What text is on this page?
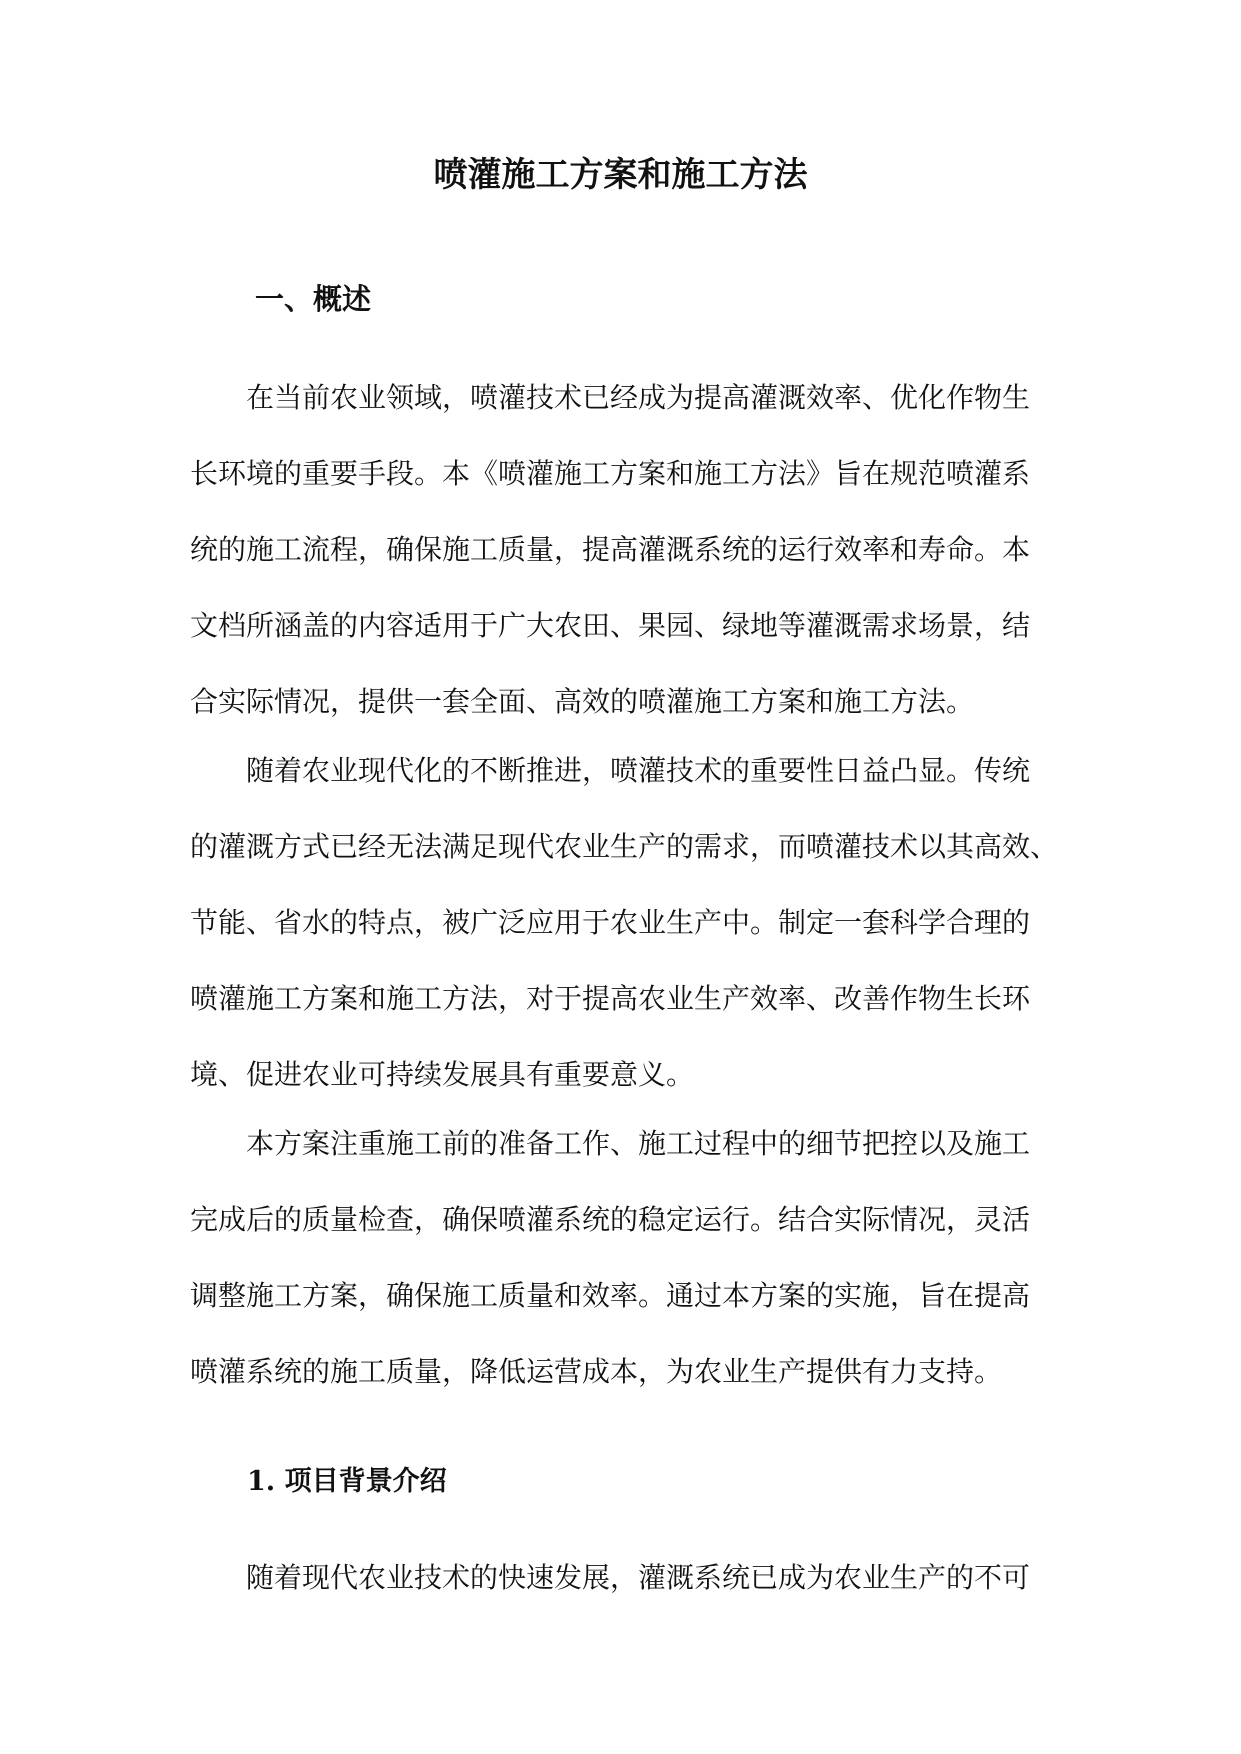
喷灌施工方案和施工方法
一、概述
在当前农业领域，喷灌技术已经成为提高灌溉效率、优化作物生
长环境的重要手段。本《喷灌施工方案和施工方法》旨在规范喷灌系
统的施工流程，确保施工质量，提高灌溉系统的运行效率和寿命。本
文档所涵盖的内容适用于广大农田、果园、绿地等灌溉需求场景，结
合实际情况，提供一套全面、高效的喷灌施工方案和施工方法。
随着农业现代化的不断推进，喷灌技术的重要性日益凸显。传统
的灌溉方式已经无法满足现代农业生产的需求，而喷灌技术以其高效、
节能、省水的特点，被广泛应用于农业生产中。制定一套科学合理的
喷灌施工方案和施工方法，对于提高农业生产效率、改善作物生长环
境、促进农业可持续发展具有重要意义。
本方案注重施工前的准备工作、施工过程中的细节把控以及施工
完成后的质量检查，确保喷灌系统的稳定运行。结合实际情况，灵活
调整施工方案，确保施工质量和效率。通过本方案的实施，旨在提高
喷灌系统的施工质量，降低运营成本，为农业生产提供有力支持。
1. 项目背景介绍
随着现代农业技术的快速发展，灌溉系统已成为农业生产的不可
